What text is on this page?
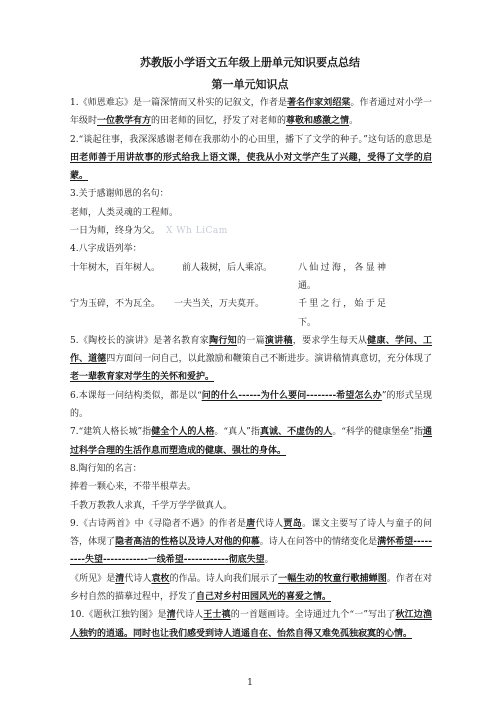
苏教版小学语文五年级上册单元知识要点总结
第一单元知识点

1.《师恩难忘》是一篇深情而又朴实的记叙文，作者是著名作家刘绍棠。作者通过对小学一年级时一位教学有方的田老师的回忆，抒发了对老师的尊敬和感激之情。

2.“谈起往事，我深深感谢老师在我那幼小的心田里，播下了文学的种子。”这句话的意思是田老师善于用讲故事的形式给我上语文课，使我从小对文学产生了兴趣，受得了文学的启蒙。

3.关于感谢师恩的名句：

老师，人类灵魂的工程师。

一日为师，终身为父。 X Wh LiCam

4.八字成语列举：

十年树木，百年树人。 前人栽树，后人乘凉。	八仙过海，各显神通。
宁为玉碎，不为瓦全。 一夫当关，万夫莫开。	千里之行，始于足下。

5.《陶校长的演讲》是著名教育家陶行知的一篇演讲稿，要求学生每天从健康、学问、工作、道德四方面问一问自己，以此激励和鞭策自己不断进步。演讲稿情真意切，充分体现了老一辈教育家对学生的关怀和爱护。

6.本课每一问结构类似，都是以“问的什么------为什么要问--------希望怎么办”的形式呈现的。

7.“建筑人格长城”指健全个人的人格。“真人”指真诚、不虚伪的人。“科学的健康堡垒”指通过科学合理的生活作息而塑造成的健康、强壮的身体。

8.陶行知的名言：

捧着一颗心来，不带半根草去。

千教万教教人求真，千学万学学做真人。

9.《古诗两首》中《寻隐者不遇》的作者是唐代诗人贾岛。课文主要写了诗人与童子的问答，体现了隐者高洁的性格以及诗人对他的仰慕。诗人在问答中的情绪变化是满怀希望---------失望------------一线希望------------彻底失望。

《所见》是清代诗人袁枚的作品。诗人向我们展示了一幅生动的牧童行歌捕蝉图。作者在对乡村自然的描摹过程中，抒发了自己对乡村田园风光的喜爱之情。

10.《题秋江独钓图》是清代诗人王士禛的一首题画诗。全诗通过九个“一”写出了秋江边渔人独钓的逍遥。同时也让我们感受到诗人逍遥自在、怡然自得又难免孤独寂寞的心情。

1
